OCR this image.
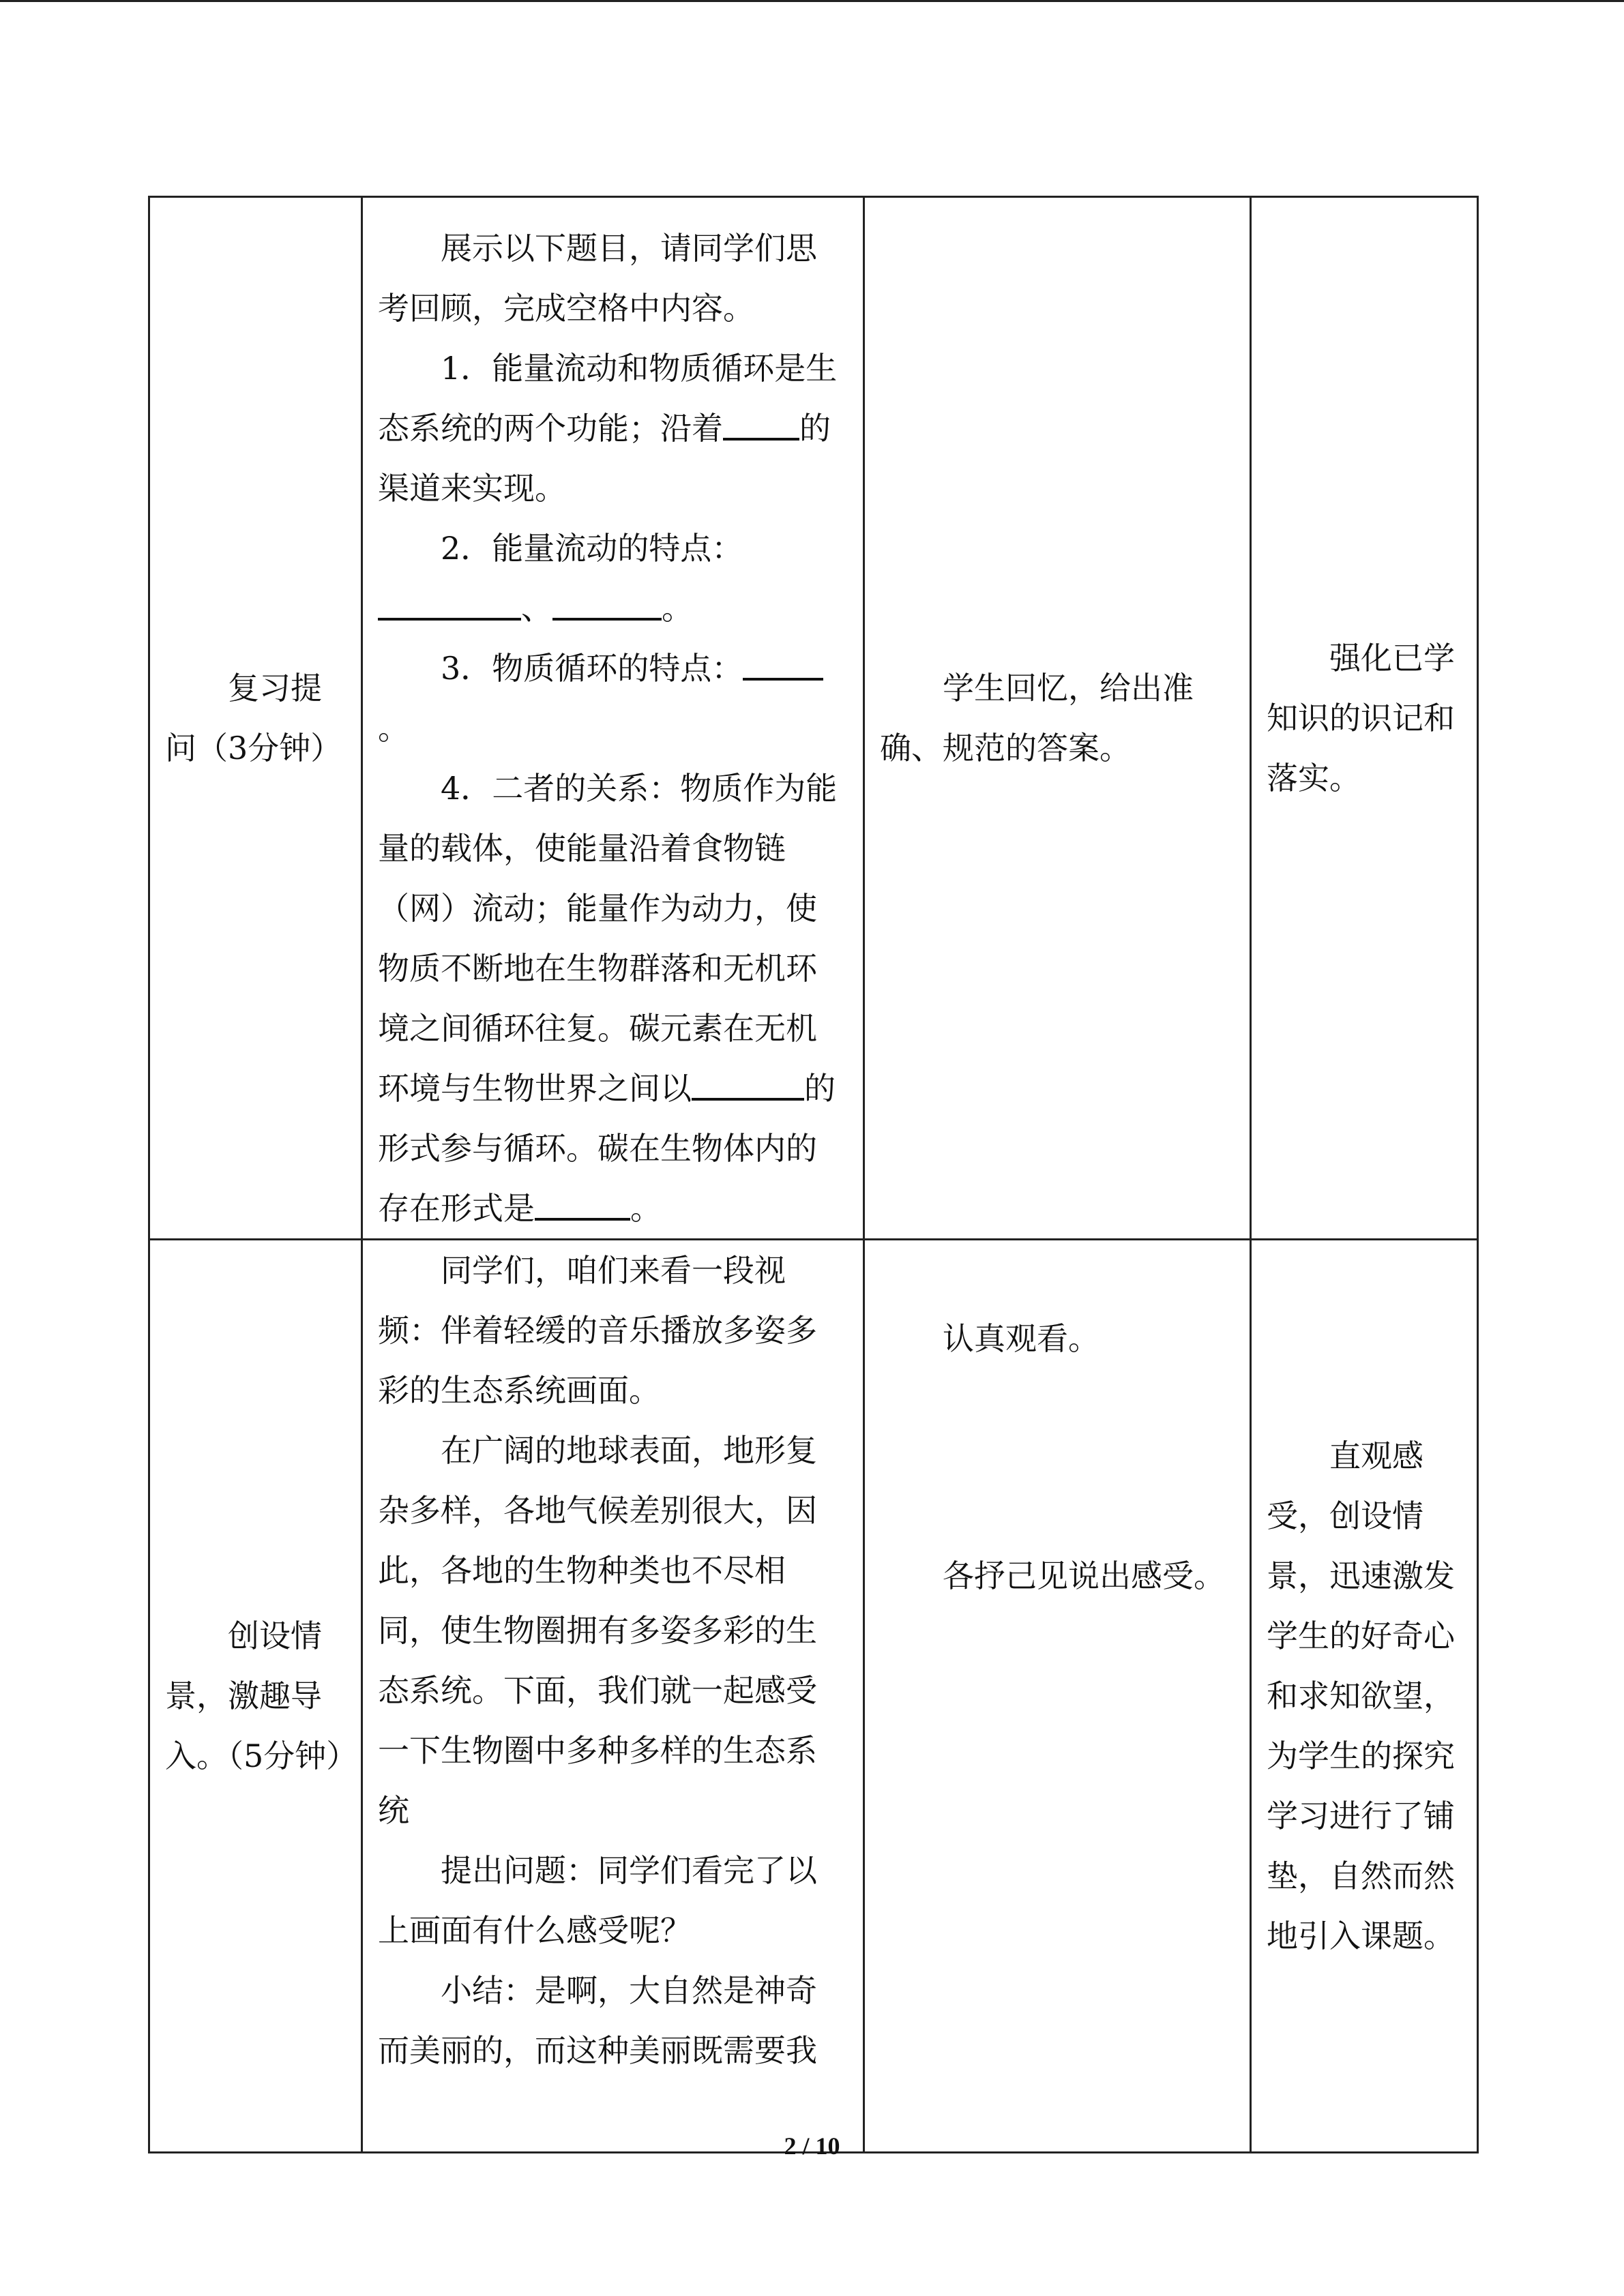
复习提问（3分钟）	展示以下题目，请同学们思考回顾，完成空格中内容。
1．能量流动和物质循环是生态系统的两个功能；沿着 的渠道来实现。
2．能量流动的特点：、 。
3．物质循环的特点：。
4．二者的关系：物质作为能量的载体，使能量沿着食物链（网）流动；能量作为动力，使物质不断地在生物群落和无机环境之间循环往复。碳元素在无机环境与生物世界之间以 的形式参与循环。碳在生物体内的存在形式是 。	学生回忆，给出准确、规范的答案。	强化已学知识的识记和落实。
创设情景，激趣导入。（5分钟）	同学们，咱们来看一段视频：伴着轻缓的音乐播放多姿多彩的生态系统画面。
在广阔的地球表面，地形复杂多样，各地气候差别很大，因此，各地的生物种类也不尽相同，使生物圈拥有多姿多彩的生态系统。下面，我们就一起感受一下生物圈中多种多样的生态系统
提出问题：同学们看完了以上画面有什么感受呢？
小结：是啊，大自然是神奇而美丽的，而这种美丽既需要我	认真观看。
各抒己见说出感受。	直观感受，创设情景，迅速激发学生的好奇心和求知欲望，为学生的探究学习进行了铺垫，自然而然地引入课题。
2 / 10
